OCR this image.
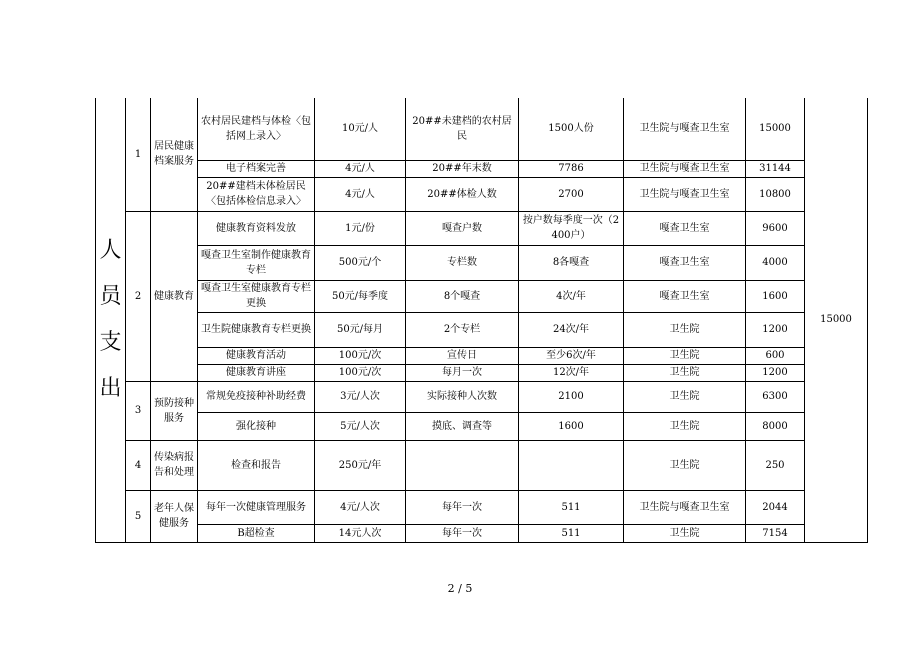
人员支出	1	居民健康档案服务	农村居民建档与体检〈包括网上录入〉	10元/人	20##未建档的农村居民	1500人份	卫生院与嘎查卫生室	15000	15000
			电子档案完善	4元/人	20##年末数	7786	卫生院与嘎查卫生室	31144	
			20##建档未体检居民〈包括体检信息录入〉	4元/人	20##体检人数	2700	卫生院与嘎查卫生室	10800	
	2	健康教育	健康教育资料发放	1元/份	嘎查户数	按户数每季度一次（2400户）	嘎查卫生室	9600	
			嘎查卫生室制作健康教育专栏	500元/个	专栏数	8各嘎查	嘎查卫生室	4000	
			嘎查卫生室健康教育专栏更换	50元/每季度	8个嘎查	4次/年	嘎查卫生室	1600	
			卫生院健康教育专栏更换	50元/每月	2个专栏	24次/年	卫生院	1200	
			健康教育活动	100元/次	宣传日	至少6次/年	卫生院	600	
			健康教育讲座	100元/次	每月一次	12次/年	卫生院	1200	
	3	预防接种服务	常规免疫接种补助经费	3元/人次	实际接种人次数	2100	卫生院	6300	
			强化接种	5元/人次	摸底、调查等	1600	卫生院	8000	
	4	传染病报告和处理	检查和报告	250元/年			卫生院	250	
	5	老年人保健服务	每年一次健康管理服务	4元/人次	每年一次	511	卫生院与嘎查卫生室	2044	
			B超检查	14元人次	每年一次	511	卫生院	7154	
2 / 5
